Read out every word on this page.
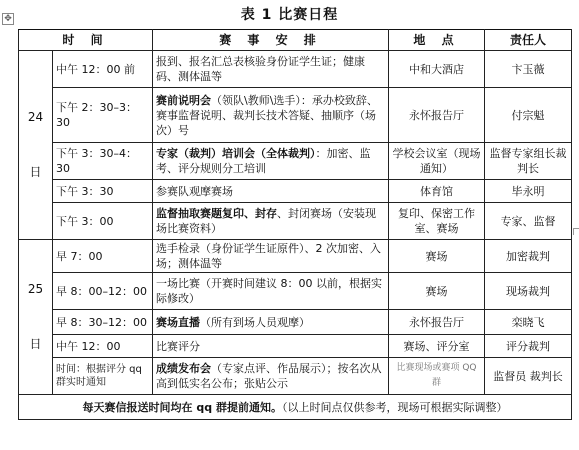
表 1 比赛日程
✥
时 间		赛 事 安 排	地 点	责任人

24
日	中午 12：00 前	报到、报名汇总表核验身份证学生证；健康码、测体温等	中和大酒店	卞玉薇
	下午 2：30–3：30	赛前说明会（领队\教师\选手）：承办校致辞、赛事监督说明、裁判长技术答疑、抽顺序（场次）号	永怀报告厅	付宗魁
	下午 3：30–4：30	专家（裁判）培训会（全体裁判）：加密、监考、评分规则分工培训	学校会议室（现场通知）	监督专家组长裁判长
	下午 3：30	参赛队观摩赛场	体育馆	毕永明
	下午 3：00	监督抽取赛题复印、封存、封闭赛场（安装现场比赛资料）	复印、保密工作室、赛场	专家、监督

25
日	早 7：00	选手检录（身份证学生证原件）、2 次加密、入场；测体温等	赛场	加密裁判
	早 8：00–12：00	一场比赛（开赛时间建议 8：00 以前，根据实际修改）	赛场	现场裁判
	早 8：30–12：00	赛场直播（所有到场人员观摩）	永怀报告厅	栾晓飞
	中午 12：00	比赛评分	赛场、评分室	评分裁判
	时间：根据评分 qq 群实时通知	成绩发布会（专家点评、作品展示）；按名次从高到低实名公布；张贴公示	比赛现场或赛项 QQ 群	监督员 裁判长
每天赛信报送时间均在 qq 群提前通知。（以上时间点仅供参考，现场可根据实际调整）				
